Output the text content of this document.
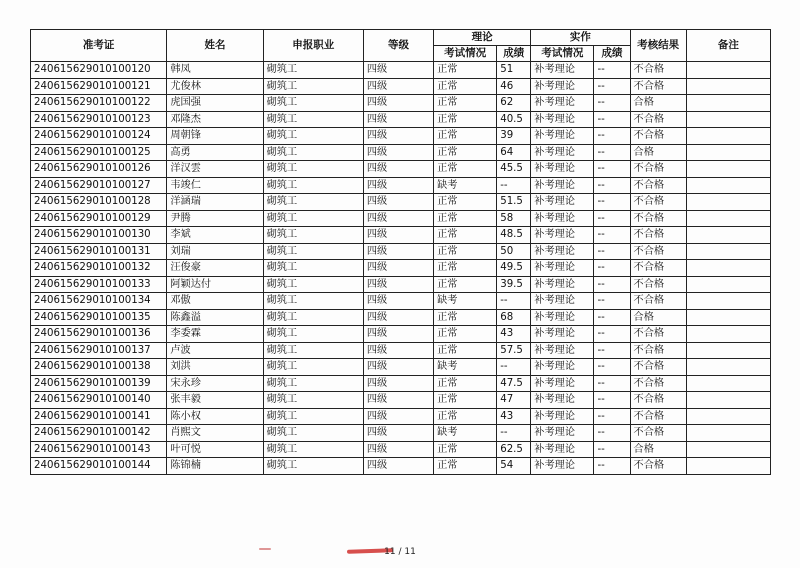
准考证	姓名	申报职业	等级	理论		实作		考核结果	备注
				考试情况	成绩	考试情况	成绩		
240615629010100120	韩凤	砌筑工	四级	正常	51	补考理论	--	不合格	
240615629010100121	尤俊林	砌筑工	四级	正常	46	补考理论	--	不合格	
240615629010100122	虎国强	砌筑工	四级	正常	62	补考理论	--	合格	
240615629010100123	邓隆杰	砌筑工	四级	正常	40.5	补考理论	--	不合格	
240615629010100124	周朝锋	砌筑工	四级	正常	39	补考理论	--	不合格	
240615629010100125	高勇	砌筑工	四级	正常	64	补考理论	--	合格	
240615629010100126	洋汉雲	砌筑工	四级	正常	45.5	补考理论	--	不合格	
240615629010100127	韦竣仁	砌筑工	四级	缺考	--	补考理论	--	不合格	
240615629010100128	洋涵瑞	砌筑工	四级	正常	51.5	补考理论	--	不合格	
240615629010100129	尹腾	砌筑工	四级	正常	58	补考理论	--	不合格	
240615629010100130	李斌	砌筑工	四级	正常	48.5	补考理论	--	不合格	
240615629010100131	刘瑞	砌筑工	四级	正常	50	补考理论	--	不合格	
240615629010100132	汪俊豪	砌筑工	四级	正常	49.5	补考理论	--	不合格	
240615629010100133	阿颖达付	砌筑工	四级	正常	39.5	补考理论	--	不合格	
240615629010100134	邓傲	砌筑工	四级	缺考	--	补考理论	--	不合格	
240615629010100135	陈鑫溢	砌筑工	四级	正常	68	补考理论	--	合格	
240615629010100136	李委霖	砌筑工	四级	正常	43	补考理论	--	不合格	
240615629010100137	卢波	砌筑工	四级	正常	57.5	补考理论	--	不合格	
240615629010100138	刘洪	砌筑工	四级	缺考	--	补考理论	--	不合格	
240615629010100139	宋永珍	砌筑工	四级	正常	47.5	补考理论	--	不合格	
240615629010100140	张丰毅	砌筑工	四级	正常	47	补考理论	--	不合格	
240615629010100141	陈小权	砌筑工	四级	正常	43	补考理论	--	不合格	
240615629010100142	肖熙文	砌筑工	四级	缺考	--	补考理论	--	不合格	
240615629010100143	叶可悦	砌筑工	四级	正常	62.5	补考理论	--	合格	
240615629010100144	陈锦楠	砌筑工	四级	正常	54	补考理论	--	不合格	
11 / 11
